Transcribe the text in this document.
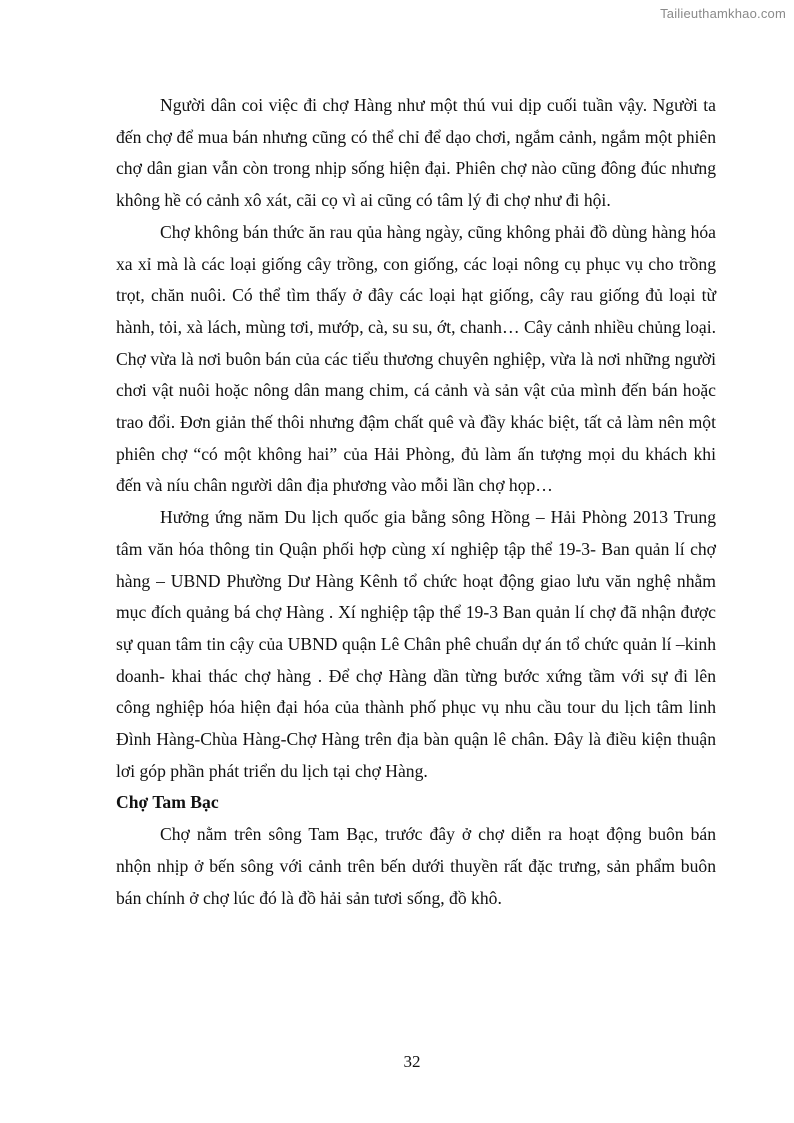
Tailieuthamkhao.com

Người dân coi việc đi chợ Hàng như một thú vui dịp cuối tuần vậy. Người ta đến chợ để mua bán nhưng cũng có thể chỉ để dạo chơi, ngắm cảnh, ngắm một phiên chợ dân gian vẫn còn trong nhịp sống hiện đại. Phiên chợ nào cũng đông đúc nhưng không hề có cảnh xô xát, cãi cọ vì ai cũng có tâm lý đi chợ như đi hội.

Chợ không bán thức ăn rau qủa hàng ngày, cũng không phải đồ dùng hàng hóa xa xỉ mà là các loại giống cây trồng, con giống, các loại nông cụ phục vụ cho trồng trọt, chăn nuôi. Có thể tìm thấy ở đây các loại hạt giống, cây rau giống đủ loại từ hành, tỏi, xà lách, mùng tơi, mướp, cà, su su, ớt, chanh… Cây cảnh nhiều chủng loại. Chợ vừa là nơi buôn bán của các tiểu thương chuyên nghiệp, vừa là nơi những người chơi vật nuôi hoặc nông dân mang chim, cá cảnh và sản vật của mình đến bán hoặc trao đổi. Đơn giản thế thôi nhưng đậm chất quê và đầy khác biệt, tất cả làm nên một phiên chợ “có một không hai” của Hải Phòng, đủ làm ấn tượng mọi du khách khi đến và níu chân người dân địa phương vào mỗi lần chợ họp…

Hưởng ứng năm Du lịch quốc gia bằng sông Hồng – Hải Phòng 2013 Trung tâm văn hóa thông tin Quận phối hợp cùng xí nghiệp tập thể 19-3- Ban quản lí chợ hàng – UBND Phường Dư Hàng Kênh tổ chức hoạt động giao lưu văn nghệ nhằm mục đích quảng bá chợ Hàng . Xí nghiệp tập thể 19-3 Ban quản lí chợ đã nhận được sự quan tâm tin cậy của UBND quận Lê Chân phê chuẩn dự án tổ chức quản lí –kinh doanh- khai thác chợ hàng . Để chợ Hàng dần từng bước xứng tầm với sự đi lên công nghiệp hóa hiện đại hóa của thành phố phục vụ nhu cầu tour du lịch tâm linh Đình Hàng-Chùa Hàng-Chợ Hàng trên địa bàn quận lê chân. Đây là điều kiện thuận lơi góp phần phát triển du lịch tại chợ Hàng.

Chợ Tam Bạc

Chợ nằm trên sông Tam Bạc, trước đây ở chợ diễn ra hoạt động buôn bán nhộn nhịp ở bến sông với cảnh trên bến dưới thuyền rất đặc trưng, sản phẩm buôn bán chính ở chợ lúc đó là đồ hải sản tươi sống, đồ khô.

32
